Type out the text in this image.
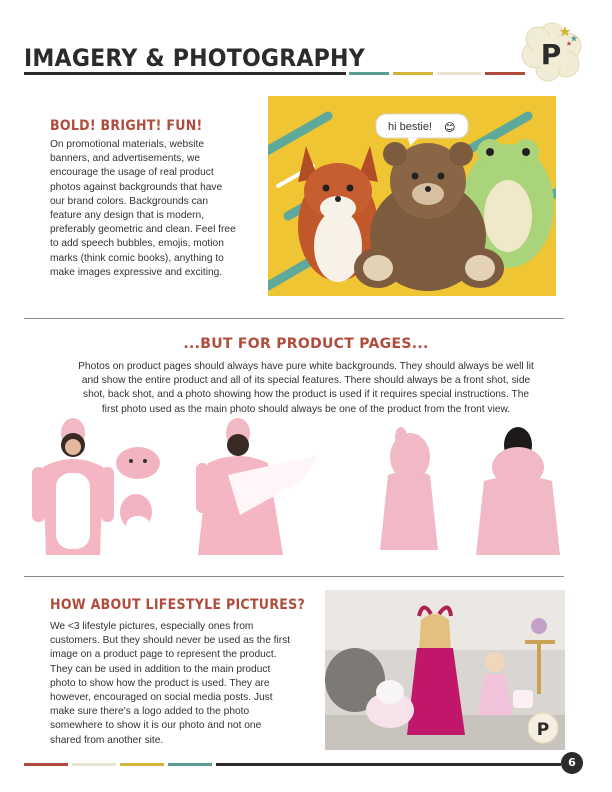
IMAGERY & PHOTOGRAPHY	P
BOLD! BRIGHT! FUN!
On promotional materials, website
banners, and advertisements, we
encourage the usage of real product
photos against backgrounds that have
our brand colors. Backgrounds can
feature any design that is modern,
preferably geometric and clean. Feel free
to add speech bubbles, emojis, motion
marks (think comic books), anything to
make images expressive and exciting.
hi bestie! 😊
...BUT FOR PRODUCT PAGES...
Photos on product pages should always have pure white backgrounds. They should always be well lit
and show the entire product and all of its special features. There should always be a front shot, side
shot, back shot, and a photo showing how the product is used if it requires special instructions. The
first photo used as the main photo should always be one of the product from the front view.
HOW ABOUT LIFESTYLE PICTURES?
We <3 lifestyle pictures, especially ones from
customers. But they should never be used as the first
image on a product page to represent the product.
They can be used in addition to the main product
photo to show how the product is used. They are
however, encouraged on social media posts. Just
make sure there’s a logo added to the photo
somewhere to show it is our photo and not one
shared from another site.
P
6
